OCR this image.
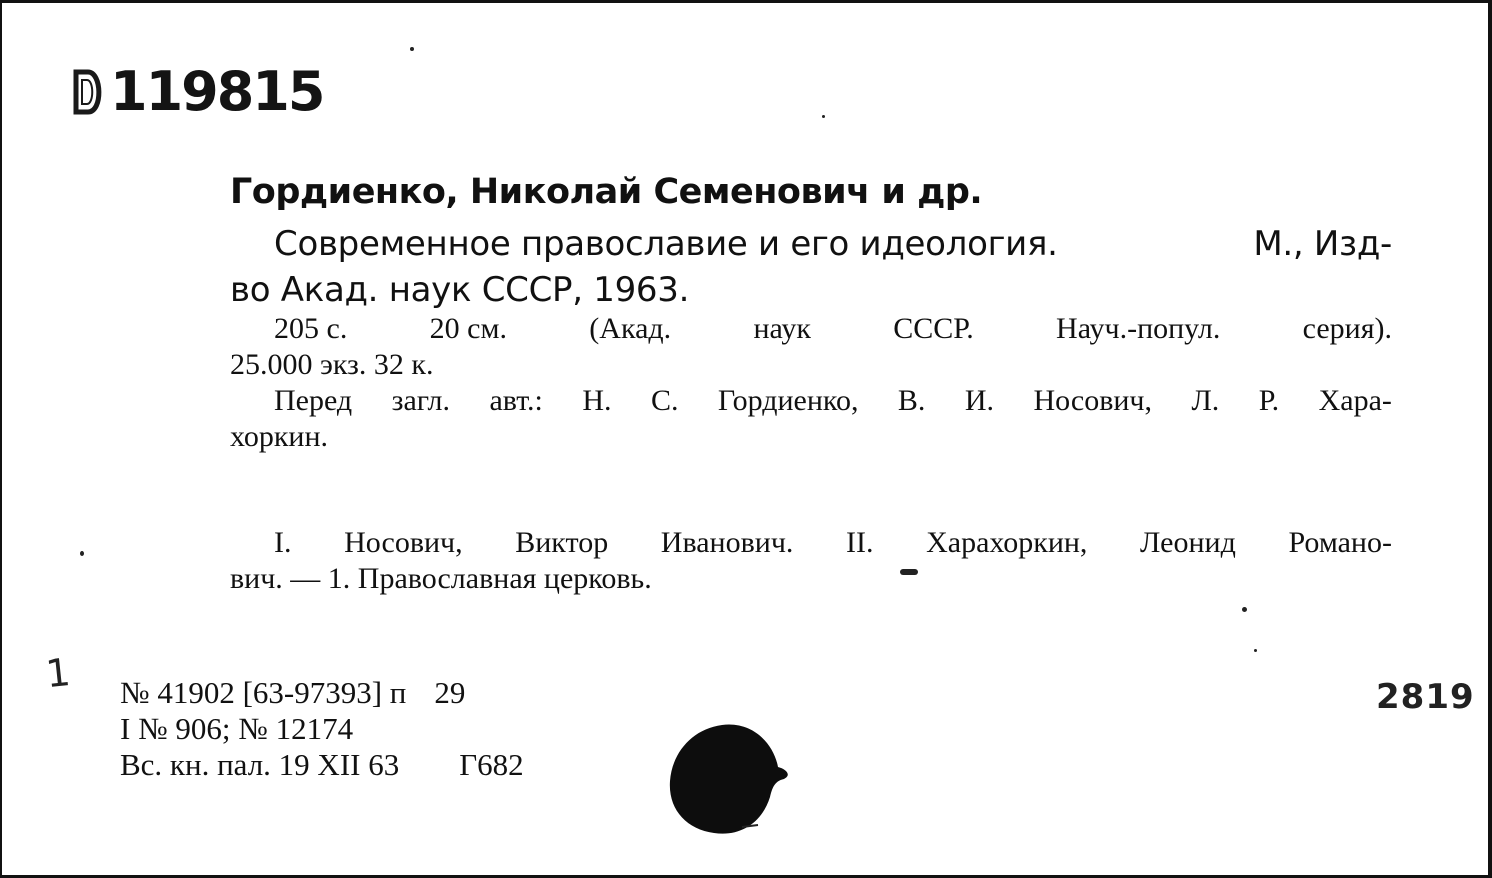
119815
Гордиенко, Николай Семенович и др.
Современное православие и его идеология.	М., Изд-
во Акад. наук СССР, 1963.
205 с.	20 см.	(Акад.	наук	СССР.	Науч.-попул.	серия).
25.000 экз. 32 к.
Перед загл. авт.: Н. С. Гордиенко, В. И. Носович, Л. Р. Хара-
хоркин.
I. Носович, Виктор Иванович. II. Харахоркин, Леонид Романо-
вич. — 1. Православная церковь.
1 № 41902 [63-97393] п 29
I № 906; № 12174
Вс. кн. пал. 19 XII 63 Г682
2819
